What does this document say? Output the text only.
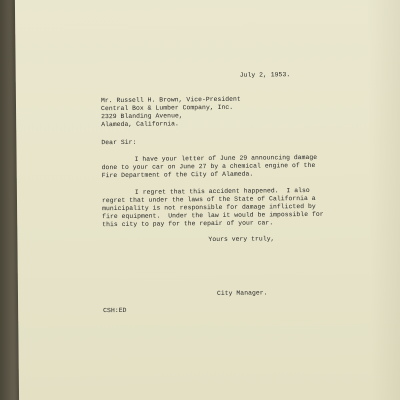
July 2, 1953.
Mr. Russell H. Brown, Vice-President
Central Box & Lumber Company, Inc.
2329 Blanding Avenue,
Alameda, California.
Dear Sir:
I have your letter of June 29 announcing damage
done to your car on June 27 by a chemical engine of the
Fire Department of the City of Alameda.
I regret that this accident happened.  I also
regret that under the laws of the State of California a
municipality is not responsible for damage inflicted by
fire equipment.  Under the law it would be impossible for
this city to pay for the repair of your car.
Yours very truly,
City Manager.
CSH:ED
